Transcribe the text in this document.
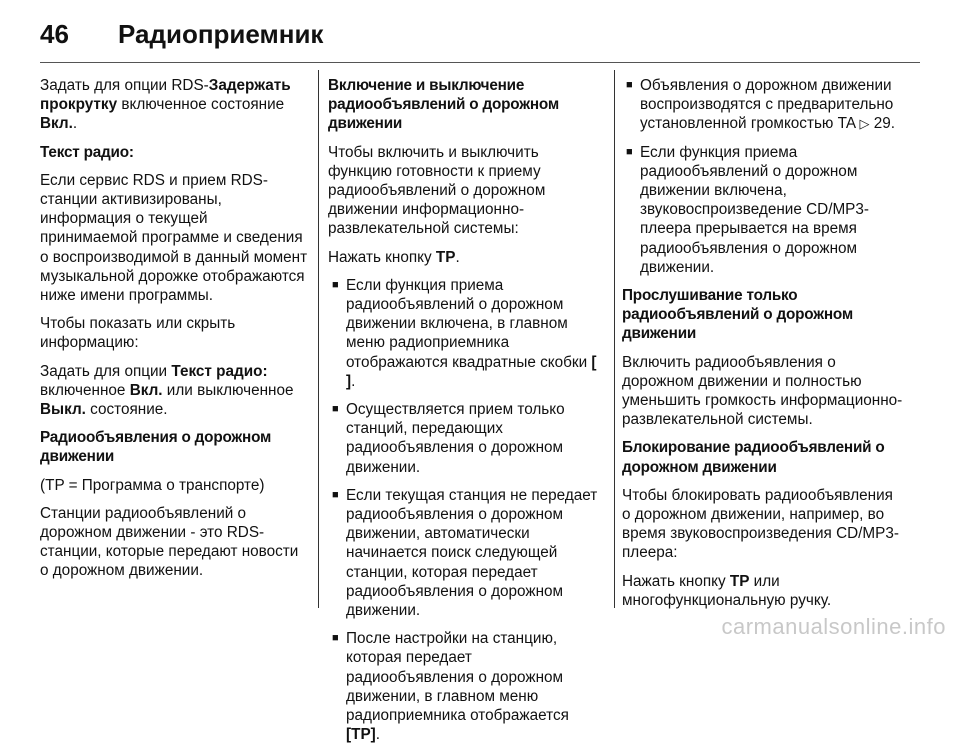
46	Радиоприемник

Задать для опции RDS-Задержать прокрутку включенное состояние Вкл..

Текст радио:

Если сервис RDS и прием RDS-станции активизированы, информация о текущей принимаемой программе и сведения о воспроизводимой в данный момент музыкальной дорожке отображаются ниже имени программы.

Чтобы показать или скрыть информацию:

Задать для опции Текст радио: включенное Вкл. или выключенное Выкл. состояние.

Радиообъявления о дорожном движении

(TP = Программа о транспорте)

Станции радиообъявлений о дорожном движении - это RDS-станции, которые передают новости о дорожном движении.

Включение и выключение радиообъявлений о дорожном движении

Чтобы включить и выключить функцию готовности к приему радиообъявлений о дорожном движении информационно-развлекательной системы:

Нажать кнопку TP.

■ Если функция приема радиообъявлений о дорожном движении включена, в главном меню радиоприемника отображаются квадратные скобки [ ].
■ Осуществляется прием только станций, передающих радиообъявления о дорожном движении.
■ Если текущая станция не передает радиообъявления о дорожном движении, автоматически начинается поиск следующей станции, которая передает радиообъявления о дорожном движении.
■ После настройки на станцию, которая передает радиообъявления о дорожном движении, в главном меню радиоприемника отображается [TP].
■ Объявления о дорожном движении воспроизводятся с предварительно установленной громкостью TA ▷ 29.
■ Если функция приема радиообъявлений о дорожном движении включена, звуковоспроизведение CD/MP3-плеера прерывается на время радиообъявления о дорожном движении.

Прослушивание только радиообъявлений о дорожном движении

Включить радиообъявления о дорожном движении и полностью уменьшить громкость информационно-развлекательной системы.

Блокирование радиообъявлений о дорожном движении

Чтобы блокировать радиообъявления о дорожном движении, например, во время звуковоспроизведения CD/MP3-плеера:

Нажать кнопку TP или многофункциональную ручку.

carmanualsonline.info
